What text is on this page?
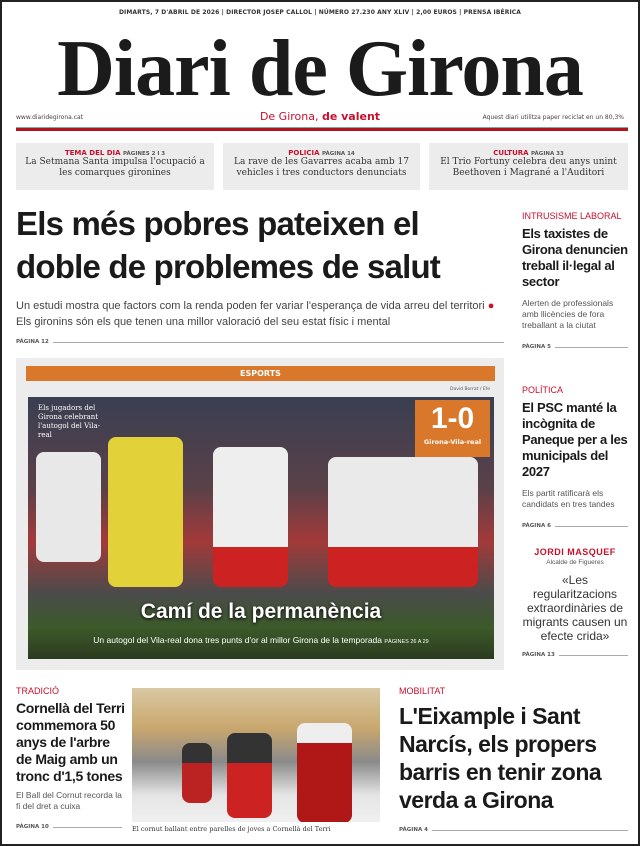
DIMARTS, 7 D'ABRIL DE 2026 | DIRECTOR JOSEP CALLOL | NÚMERO 27.230 ANY XLIV | 2,00 EUROS | PRENSA IBÉRICA
Diari de Girona
www.diaridegirona.cat	De Girona, de valent	Aquest diari utilitza paper reciclat en un 80,3%
TEMA DEL DIA PÀGINES 2 I 3
La Setmana Santa impulsa l'ocupació a les comarques gironines
POLICIA PÀGINA 14
La rave de les Gavarres acaba amb 17 vehicles i tres conductors denunciats
CULTURA PÀGINA 33
El Trio Fortuny celebra deu anys unint Beethoven i Magrané a l'Auditori
Els més pobres pateixen el doble de problemes de salut
Un estudi mostra que factors com la renda poden fer variar l'esperança de vida arreu del territori ● Els gironins són els que tenen una millor valoració del seu estat físic i mental
PÀGINA 12
ESPORTS
David Borrat / Efe
Els jugadors del Girona celebrant l'autogol del Vila-real	1-0
Girona-Vila-real
Camí de la permanència
Un autogol del Vila-real dona tres punts d'or al millor Girona de la temporada PÀGINES 26 A 29
INTRUSISME LABORAL
Els taxistes de Girona denuncien treball il·legal al sector
Alerten de professionals amb llicències de fora treballant a la ciutat
PÀGINA 5
POLÍTICA
El PSC manté la incògnita de Paneque per a les municipals del 2027
Els partit ratificarà els candidats en tres tandes
PÀGINA 6
JORDI MASQUEF
Alcalde de Figueres
«Les regularitzacions extraordinàries de migrants causen un efecte crida»
PÀGINA 13
TRADICIÓ
Cornellà del Terri commemora 50 anys de l'arbre de Maig amb un tronc d'1,5 tones
El Ball del Cornut recorda la fi del dret a cuixa
PÀGINA 10	El cornut ballant entre parelles de joves a Cornellà del Terri
MOBILITAT
L'Eixample i Sant Narcís, els propers barris en tenir zona verda a Girona
PÀGINA 4
